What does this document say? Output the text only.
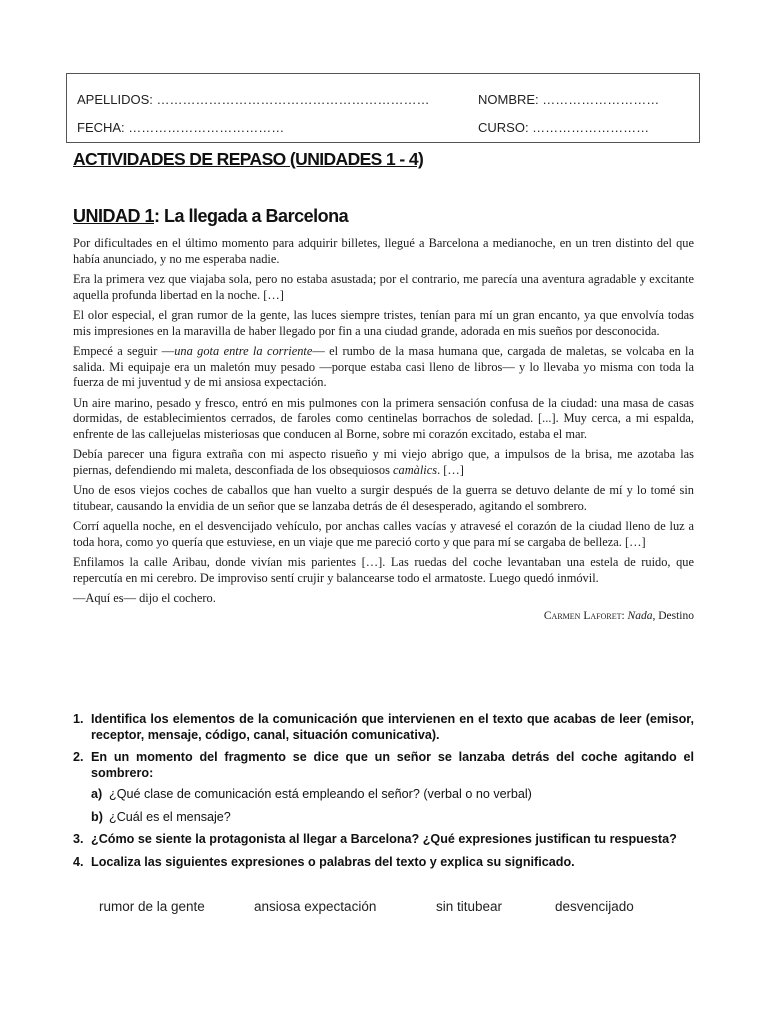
APELLIDOS: ………………………………………………………	NOMBRE: ………………………
FECHA: ………………………………	CURSO: ………………………
ACTIVIDADES DE REPASO (UNIDADES 1 - 4)
UNIDAD 1: La llegada a Barcelona

Por dificultades en el último momento para adquirir billetes, llegué a Barcelona a medianoche, en un tren distinto del que había anunciado, y no me esperaba nadie.

Era la primera vez que viajaba sola, pero no estaba asustada; por el contrario, me parecía una aventura agradable y excitante aquella profunda libertad en la noche. […]

El olor especial, el gran rumor de la gente, las luces siempre tristes, tenían para mí un gran encanto, ya que envolvía todas mis impresiones en la maravilla de haber llegado por fin a una ciudad grande, adorada en mis sueños por desconocida.

Empecé a seguir —una gota entre la corriente— el rumbo de la masa humana que, cargada de maletas, se volcaba en la salida. Mi equipaje era un maletón muy pesado —porque estaba casi lleno de libros— y lo llevaba yo misma con toda la fuerza de mi juventud y de mi ansiosa expectación.

Un aire marino, pesado y fresco, entró en mis pulmones con la primera sensación confusa de la ciudad: una masa de casas dormidas, de establecimientos cerrados, de faroles como centinelas borrachos de soledad. [...]. Muy cerca, a mi espalda, enfrente de las callejuelas misteriosas que conducen al Borne, sobre mi corazón excitado, estaba el mar.

Debía parecer una figura extraña con mi aspecto risueño y mi viejo abrigo que, a impulsos de la brisa, me azotaba las piernas, defendiendo mi maleta, desconfiada de los obsequiosos camàlics. […]

Uno de esos viejos coches de caballos que han vuelto a surgir después de la guerra se detuvo delante de mí y lo tomé sin titubear, causando la envidia de un señor que se lanzaba detrás de él desesperado, agitando el sombrero.

Corrí aquella noche, en el desvencijado vehículo, por anchas calles vacías y atravesé el corazón de la ciudad lleno de luz a toda hora, como yo quería que estuviese, en un viaje que me pareció corto y que para mí se cargaba de belleza. […]

Enfilamos la calle Aribau, donde vivían mis parientes […]. Las ruedas del coche levantaban una estela de ruido, que repercutía en mi cerebro. De improviso sentí crujir y balancearse todo el armatoste. Luego quedó inmóvil.

—Aquí es— dijo el cochero.

Carmen Laforet: Nada, Destino
1. Identifica los elementos de la comunicación que intervienen en el texto que acabas de leer (emisor, receptor, mensaje, código, canal, situación comunicativa).
2. En un momento del fragmento se dice que un señor se lanzaba detrás del coche agitando el sombrero:
a) ¿Qué clase de comunicación está empleando el señor? (verbal o no verbal)
b) ¿Cuál es el mensaje?
3. ¿Cómo se siente la protagonista al llegar a Barcelona? ¿Qué expresiones justifican tu respuesta?
4. Localiza las siguientes expresiones o palabras del texto y explica su significado.
rumor de la gente	ansiosa expectación	sin titubear	desvencijado
